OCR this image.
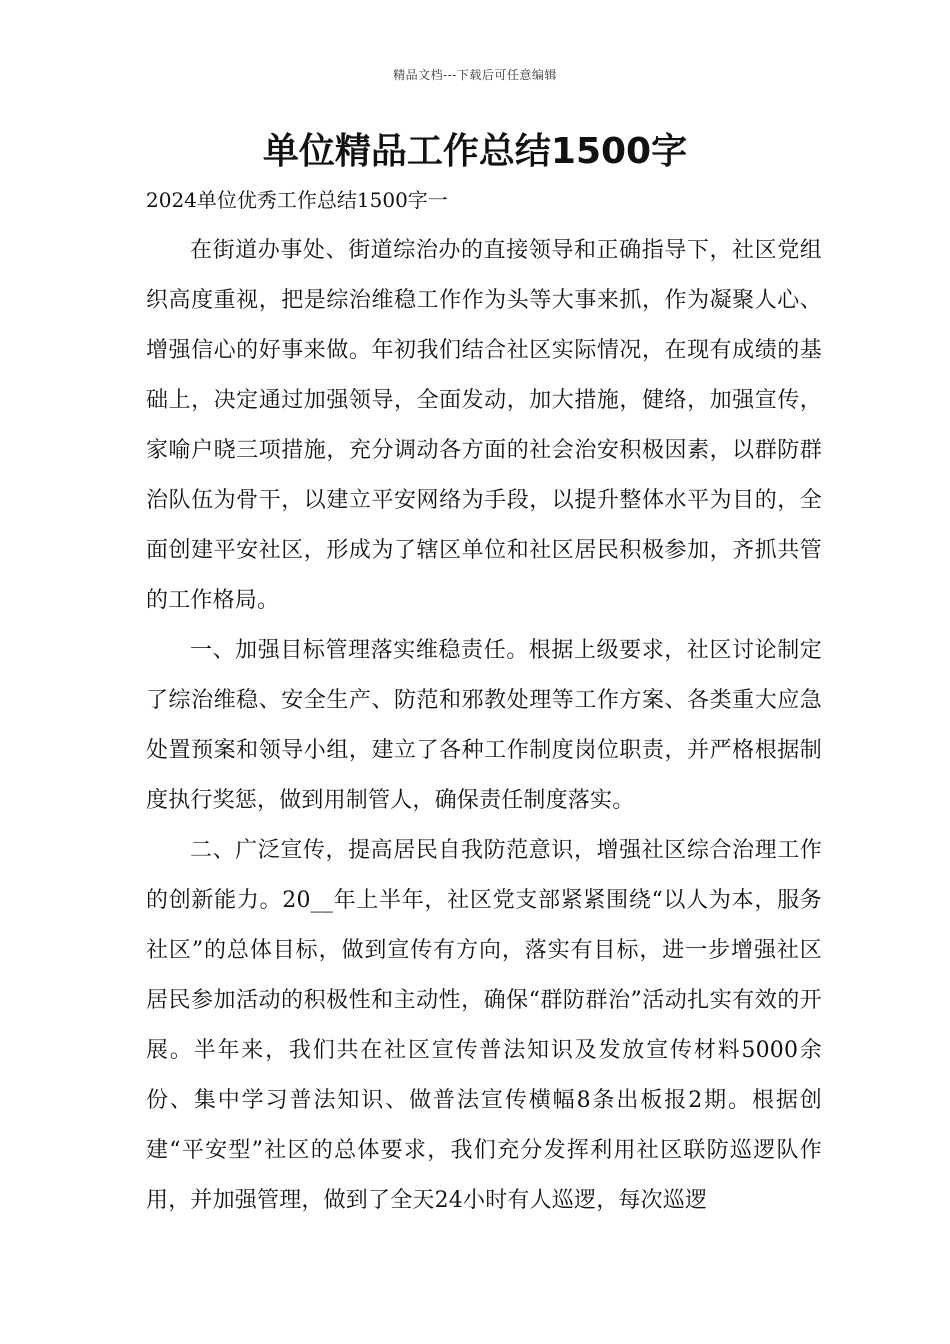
精品文档---下载后可任意编辑
单位精品工作总结1500字

2024单位优秀工作总结1500字一

在街道办事处、街道综治办的直接领导和正确指导下，社区党组织高度重视，把是综治维稳工作作为头等大事来抓，作为凝聚人心、增强信心的好事来做。年初我们结合社区实际情况，在现有成绩的基础上，决定通过加强领导，全面发动，加大措施，健络，加强宣传，家喻户晓三项措施，充分调动各方面的社会治安积极因素，以群防群治队伍为骨干，以建立平安网络为手段，以提升整体水平为目的，全面创建平安社区，形成为了辖区单位和社区居民积极参加，齐抓共管的工作格局。

一、加强目标管理落实维稳责任。根据上级要求，社区讨论制定了综治维稳、安全生产、防范和邪教处理等工作方案、各类重大应急处置预案和领导小组，建立了各种工作制度岗位职责，并严格根据制度执行奖惩，做到用制管人，确保责任制度落实。

二、广泛宣传，提高居民自我防范意识，增强社区综合治理工作的创新能力。20__年上半年，社区党支部紧紧围绕“以人为本，服务社区”的总体目标，做到宣传有方向，落实有目标，进一步增强社区居民参加活动的积极性和主动性，确保“群防群治”活动扎实有效的开展。半年来，我们共在社区宣传普法知识及发放宣传材料5000余份、集中学习普法知识、做普法宣传横幅8条出板报2期。根据创建“平安型”社区的总体要求，我们充分发挥利用社区联防巡逻队作用，并加强管理，做到了全天24小时有人巡逻，每次巡逻
